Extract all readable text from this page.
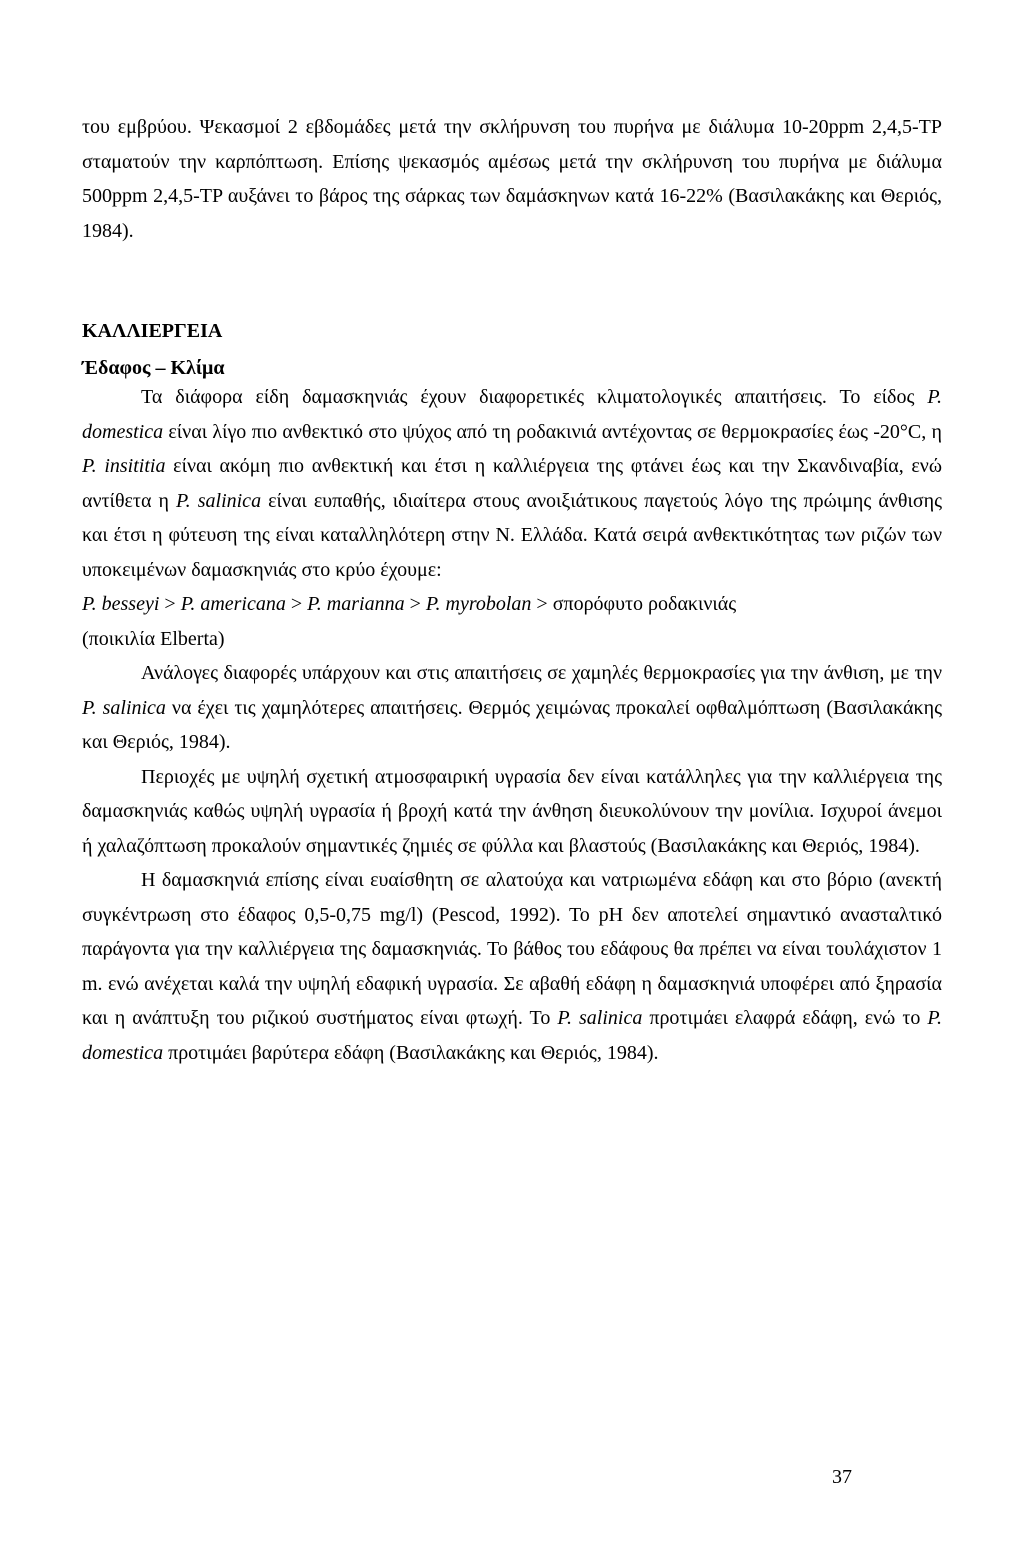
του εμβρύου. Ψεκασμοί 2 εβδομάδες μετά την σκλήρυνση του πυρήνα με διάλυμα 10-20ppm 2,4,5-TP σταματούν την καρπόπτωση. Επίσης ψεκασμός αμέσως μετά την σκλήρυνση του πυρήνα με διάλυμα 500ppm 2,4,5-TP αυξάνει το βάρος της σάρκας των δαμάσκηνων κατά 16-22% (Βασιλακάκης και Θεριός, 1984).

ΚΑΛΛΙΕΡΓΕΙΑ

Έδαφος – Κλίμα

Τα διάφορα είδη δαμασκηνιάς έχουν διαφορετικές κλιματολογικές απαιτήσεις. Το είδος P. domestica είναι λίγο πιο ανθεκτικό στο ψύχος από τη ροδακινιά αντέχοντας σε θερμοκρασίες έως -20°C, η P. insititia είναι ακόμη πιο ανθεκτική και έτσι η καλλιέργεια της φτάνει έως και την Σκανδιναβία, ενώ αντίθετα η P. salinica είναι ευπαθής, ιδιαίτερα στους ανοιξιάτικους παγετούς λόγο της πρώιμης άνθισης και έτσι η φύτευση της είναι καταλληλότερη στην Ν. Ελλάδα. Κατά σειρά ανθεκτικότητας των ριζών των υποκειμένων δαμασκηνιάς στο κρύο έχουμε:

P. besseyi > P. americana > P. marianna > P. myrobolan > σπορόφυτο ροδακινιάς

(ποικιλία Elberta)

Ανάλογες διαφορές υπάρχουν και στις απαιτήσεις σε χαμηλές θερμοκρασίες για την άνθιση, με την P. salinica να έχει τις χαμηλότερες απαιτήσεις. Θερμός χειμώνας προκαλεί οφθαλμόπτωση (Βασιλακάκης και Θεριός, 1984).

Περιοχές με υψηλή σχετική ατμοσφαιρική υγρασία δεν είναι κατάλληλες για την καλλιέργεια της δαμασκηνιάς καθώς υψηλή υγρασία ή βροχή κατά την άνθηση διευκολύνουν την μονίλια. Ισχυροί άνεμοι ή χαλαζόπτωση προκαλούν σημαντικές ζημιές σε φύλλα και βλαστούς (Βασιλακάκης και Θεριός, 1984).

Η δαμασκηνιά επίσης είναι ευαίσθητη σε αλατούχα και νατριωμένα εδάφη και στο βόριο (ανεκτή συγκέντρωση στο έδαφος 0,5-0,75 mg/l) (Pescod, 1992). Το pH δεν αποτελεί σημαντικό ανασταλτικό παράγοντα για την καλλιέργεια της δαμασκηνιάς. Το βάθος του εδάφους θα πρέπει να είναι τουλάχιστον 1 m. ενώ ανέχεται καλά την υψηλή εδαφική υγρασία. Σε αβαθή εδάφη η δαμασκηνιά υποφέρει από ξηρασία και η ανάπτυξη του ριζικού συστήματος είναι φτωχή. Το P. salinica προτιμάει ελαφρά εδάφη, ενώ το P. domestica προτιμάει βαρύτερα εδάφη (Βασιλακάκης και Θεριός, 1984).

37
